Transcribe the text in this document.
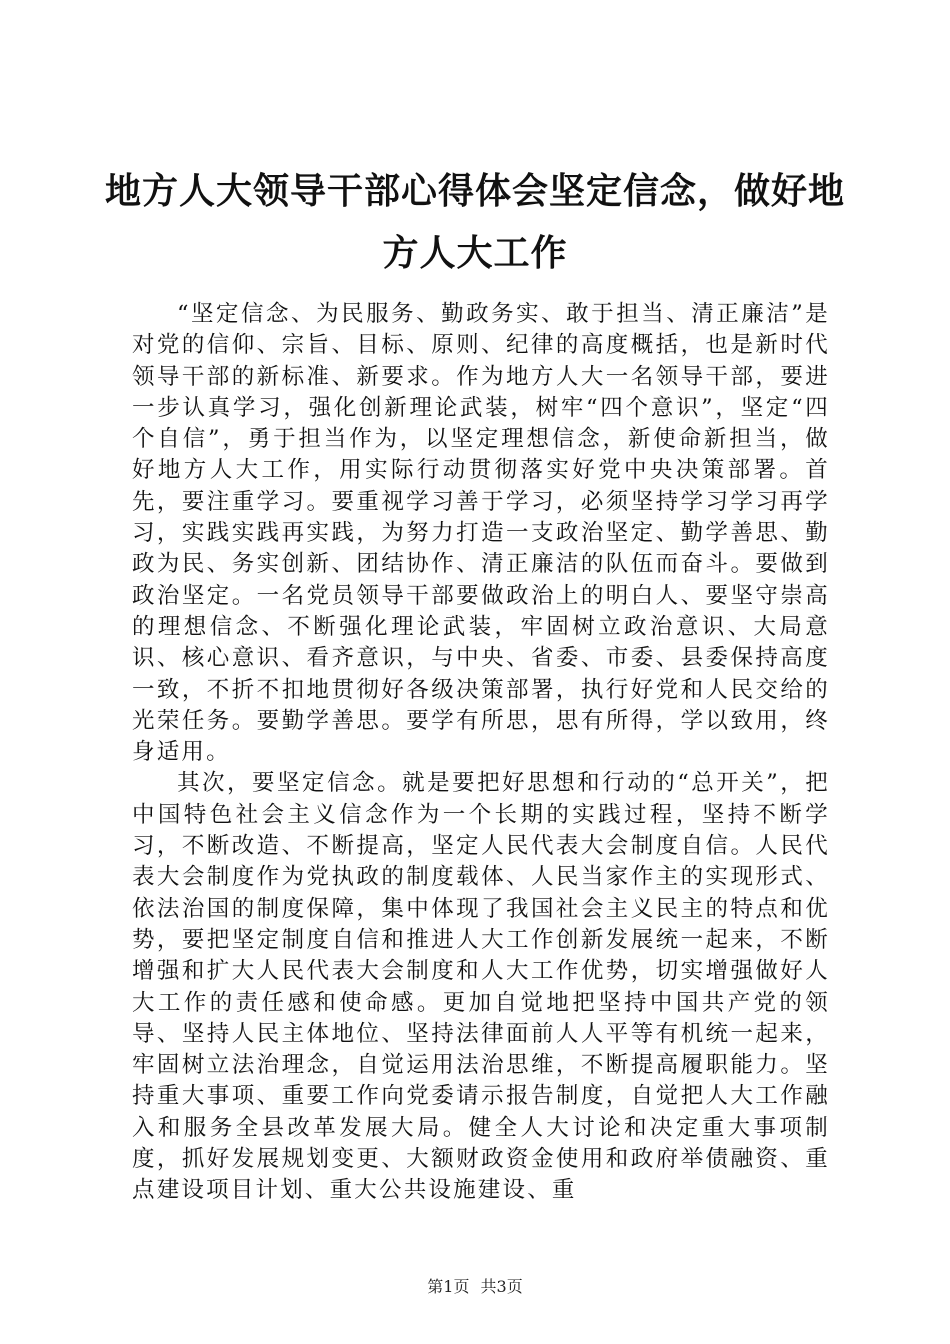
地方人大领导干部心得体会坚定信念，做好地方人大工作

“坚定信念、为民服务、勤政务实、敢于担当、清正廉洁”是对党的信仰、宗旨、目标、原则、纪律的高度概括，也是新时代领导干部的新标准、新要求。作为地方人大一名领导干部，要进一步认真学习，强化创新理论武装，树牢“四个意识”，坚定“四个自信”，勇于担当作为，以坚定理想信念，新使命新担当，做好地方人大工作，用实际行动贯彻落实好党中央决策部署。首先，要注重学习。要重视学习善于学习，必须坚持学习学习再学习，实践实践再实践，为努力打造一支政治坚定、勤学善思、勤政为民、务实创新、团结协作、清正廉洁的队伍而奋斗。要做到政治坚定。一名党员领导干部要做政治上的明白人、要坚守崇高的理想信念、不断强化理论武装，牢固树立政治意识、大局意识、核心意识、看齐意识，与中央、省委、市委、县委保持高度一致，不折不扣地贯彻好各级决策部署，执行好党和人民交给的光荣任务。要勤学善思。要学有所思，思有所得，学以致用，终身适用。

其次，要坚定信念。就是要把好思想和行动的“总开关”，把中国特色社会主义信念作为一个长期的实践过程，坚持不断学习，不断改造、不断提高，坚定人民代表大会制度自信。人民代表大会制度作为党执政的制度载体、人民当家作主的实现形式、依法治国的制度保障，集中体现了我国社会主义民主的特点和优势，要把坚定制度自信和推进人大工作创新发展统一起来，不断增强和扩大人民代表大会制度和人大工作优势，切实增强做好人大工作的责任感和使命感。更加自觉地把坚持中国共产党的领导、坚持人民主体地位、坚持法律面前人人平等有机统一起来，牢固树立法治理念，自觉运用法治思维，不断提高履职能力。坚持重大事项、重要工作向党委请示报告制度，自觉把人大工作融入和服务全县改革发展大局。健全人大讨论和决定重大事项制度，抓好发展规划变更、大额财政资金使用和政府举债融资、重点建设项目计划、重大公共设施建设、重

第1页 共3页
